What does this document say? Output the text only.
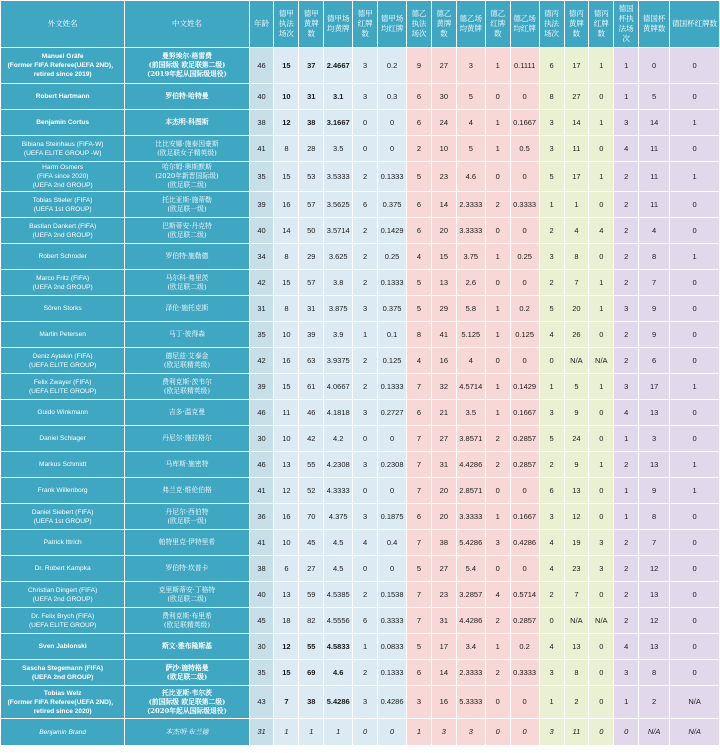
外文姓名	中文姓名	年龄	德甲执法场次	德甲黄牌数	德甲场均黄牌	德甲红牌数	德甲场均红牌	德乙执法场次	德乙黄牌数	德乙场均黄牌	德乙红牌数	德乙场均红牌	德丙执法场次	德丙黄牌数	德丙红牌数	德国杯执法场次	德国杯黄牌数	德国杯红牌数
Manuel Gräfe
(Former FIFA Referee(UEFA 2ND)，retired since 2019)	曼努埃尔·格雷费
(前国际级 欧足联第二级)
(2019年起从国际级退役)	46	15	37	2.4667	3	0.2	9	27	3	1	0.1111	6	17	1	1	0	0
Robert Hartmann	罗伯特·哈特曼	40	10	31	3.1	3	0.3	6	30	5	0	0	8	27	0	1	5	0
Benjamin Cortus	本杰明·科图斯	38	12	38	3.1667	0	0	6	24	4	1	0.1667	3	14	1	3	14	1
Bibiana Steinhaus (FIFA-W)
(UEFA ELITE GROUP -W)	比比安娜·施泰因豪斯
(欧足联女子精英级)	41	8	28	3.5	0	0	2	10	5	1	0.5	3	11	0	4	11	0
Harm Osmers
(FIFA since 2020)
(UEFA 2nd GROUP)	哈尔姆·奥斯默斯
(2020年新晋国际级)
(欧足联二级)	35	15	53	3.5333	2	0.1333	5	23	4.6	0	0	5	17	1	2	11	1
Tobias Stieler (FIFA)
(UEFA 1st GROUP)	托比亚斯·施蒂勒
(欧足联一级)	39	16	57	3.5625	6	0.375	6	14	2.3333	2	0.3333	1	1	0	2	11	0
Bastian Dankert (FIFA)
(UEFA 2nd GROUP)	巴斯蒂安·丹克特
(欧足联二级)	40	14	50	3.5714	2	0.1429	6	20	3.3333	0	0	2	4	4	2	4	0
Robert Schroder	罗伯特·施勒德	34	8	29	3.625	2	0.25	4	15	3.75	1	0.25	3	8	0	2	8	1
Marco Fritz (FIFA)
(UEFA 2nd GROUP)	马尔科·弗里茨
(欧足联二级)	42	15	57	3.8	2	0.1333	5	13	2.6	0	0	2	7	1	2	7	0
Sören Storks	泽伦·施托克斯	31	8	31	3.875	3	0.375	5	29	5.8	1	0.2	5	20	1	3	9	0
Martin Petersen	马丁·彼得森	35	10	39	3.9	1	0.1	8	41	5.125	1	0.125	4	26	0	2	9	0
Deniz Aytekin (FIFA)
(UEFA ELITE GROUP)	德尼兹·艾泰金
(欧足联精英级)	42	16	63	3.9375	2	0.125	4	16	4	0	0	0	N/A	N/A	2	6	0
Felix Zwayer (FIFA)
(UEFA ELITE GROUP)	费利克斯·茨韦尔
(欧足联精英级)	39	15	61	4.0667	2	0.1333	7	32	4.5714	1	0.1429	1	5	1	3	17	1
Guido Winkmann	吉多·温克曼	46	11	46	4.1818	3	0.2727	6	21	3.5	1	0.1667	3	9	0	4	13	0
Daniel Schlager	丹尼尔·施拉格尔	30	10	42	4.2	0	0	7	27	3.8571	2	0.2857	5	24	0	1	3	0
Markus Schmidt	马库斯·施密特	46	13	55	4.2308	3	0.2308	7	31	4.4286	2	0.2857	2	9	1	2	13	1
Frank Willenborg	弗兰克·维伦伯格	41	12	52	4.3333	0	0	7	20	2.8571	0	0	6	13	0	1	9	1
Daniel Siebert (FIFA)
(UEFA 1st GROUP)	丹尼尔·西伯特
(欧足联一级)	36	16	70	4.375	3	0.1875	6	20	3.3333	1	0.1667	3	12	0	1	8	0
Patrick Ittrich	帕特里克·伊特里希	41	10	45	4.5	4	0.4	7	38	5.4286	3	0.4286	4	19	3	2	7	0
Dr. Robert Kampka	罗伯特·坎普卡	38	6	27	4.5	0	0	5	27	5.4	0	0	4	23	3	2	12	0
Christian Dingert (FIFA)
(UEFA 2nd GROUP)	克里斯蒂安·丁格特
(欧足联二级)	40	13	59	4.5385	2	0.1538	7	23	3.2857	4	0.5714	2	7	0	2	13	0
Dr. Felix Brych (FIFA)
(UEFA ELITE GROUP)	费利克斯·布里希
(欧足联精英级)	45	18	82	4.5556	6	0.3333	7	31	4.4286	2	0.2857	0	N/A	N/A	2	12	0
Sven Jablonski	斯文·雅布隆斯基	30	12	55	4.5833	1	0.0833	5	17	3.4	1	0.2	4	13	0	4	13	0
Sascha Stegemann (FIFA)
(UEFA 2nd GROUP)	萨沙·施特格曼
(欧足联二级)	35	15	69	4.6	2	0.1333	6	14	2.3333	2	0.3333	3	8	0	3	8	0
Tobias Welz
(Former FIFA Referee(UEFA 2ND)，retired since 2020)	托比亚斯·韦尔茨
(前国际级 欧足联第二级)
(2020年起从国际级退役)	43	7	38	5.4286	3	0.4286	3	16	5.3333	0	0	1	2	0	1	2	N/A
Benjamin Brand	本杰明·布兰德	31	1	1	1	0	0	1	3	3	0	0	3	11	0	0	N/A	N/A
